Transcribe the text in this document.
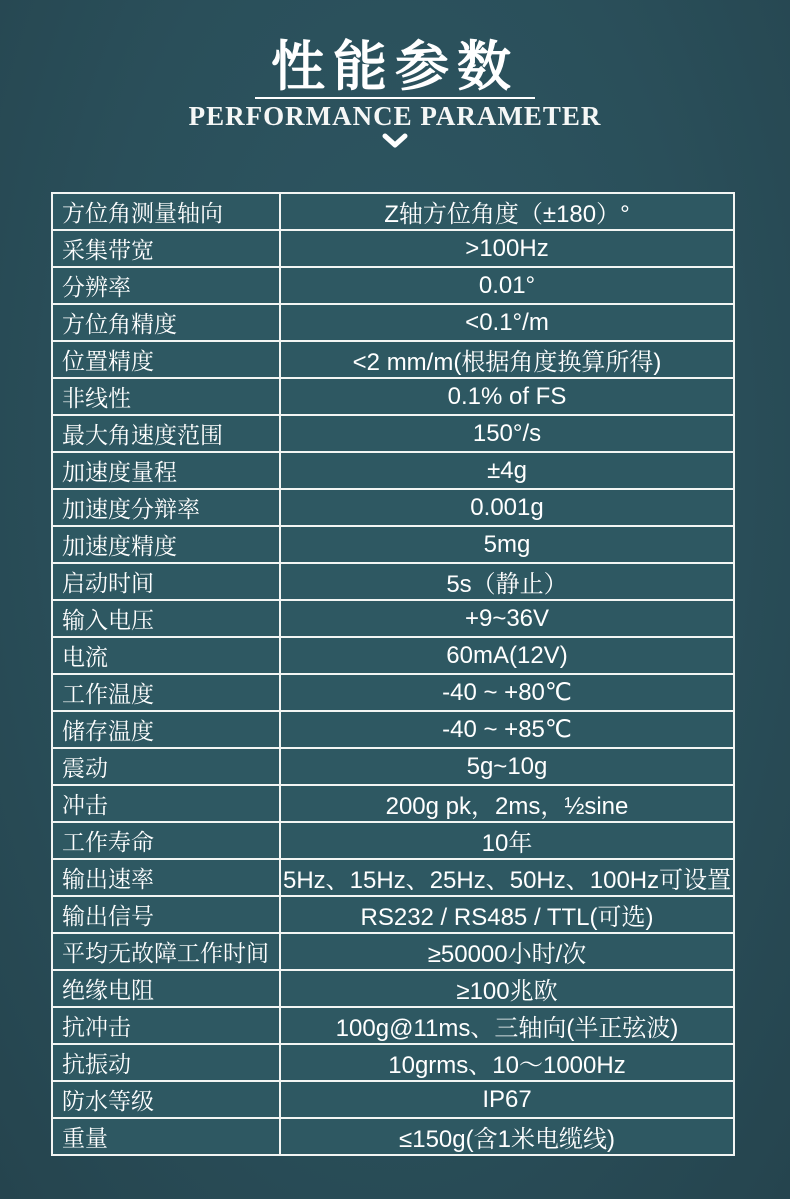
性能参数
PERFORMANCE PARAMETER
方位角测量轴向	Z轴方位角度（±180）°
采集带宽	>100Hz
分辨率	0.01°
方位角精度	<0.1°/m
位置精度	<2 mm/m(根据角度换算所得)
非线性	0.1% of FS
最大角速度范围	150°/s
加速度量程	±4g
加速度分辩率	0.001g
加速度精度	5mg
启动时间	5s（静止）
输入电压	+9~36V
电流	60mA(12V)
工作温度	-40 ~ +80℃
储存温度	-40 ~ +85℃
震动	5g~10g
冲击	200g pk，2ms，½sine
工作寿命	10年
输出速率	5Hz、15Hz、25Hz、50Hz、100Hz可设置
输出信号	RS232 / RS485 / TTL(可选)
平均无故障工作时间	≥50000小时/次
绝缘电阻	≥100兆欧
抗冲击	100g@11ms、三轴向(半正弦波)
抗振动	10grms、10～1000Hz
防水等级	IP67
重量	≤150g(含1米电缆线)
